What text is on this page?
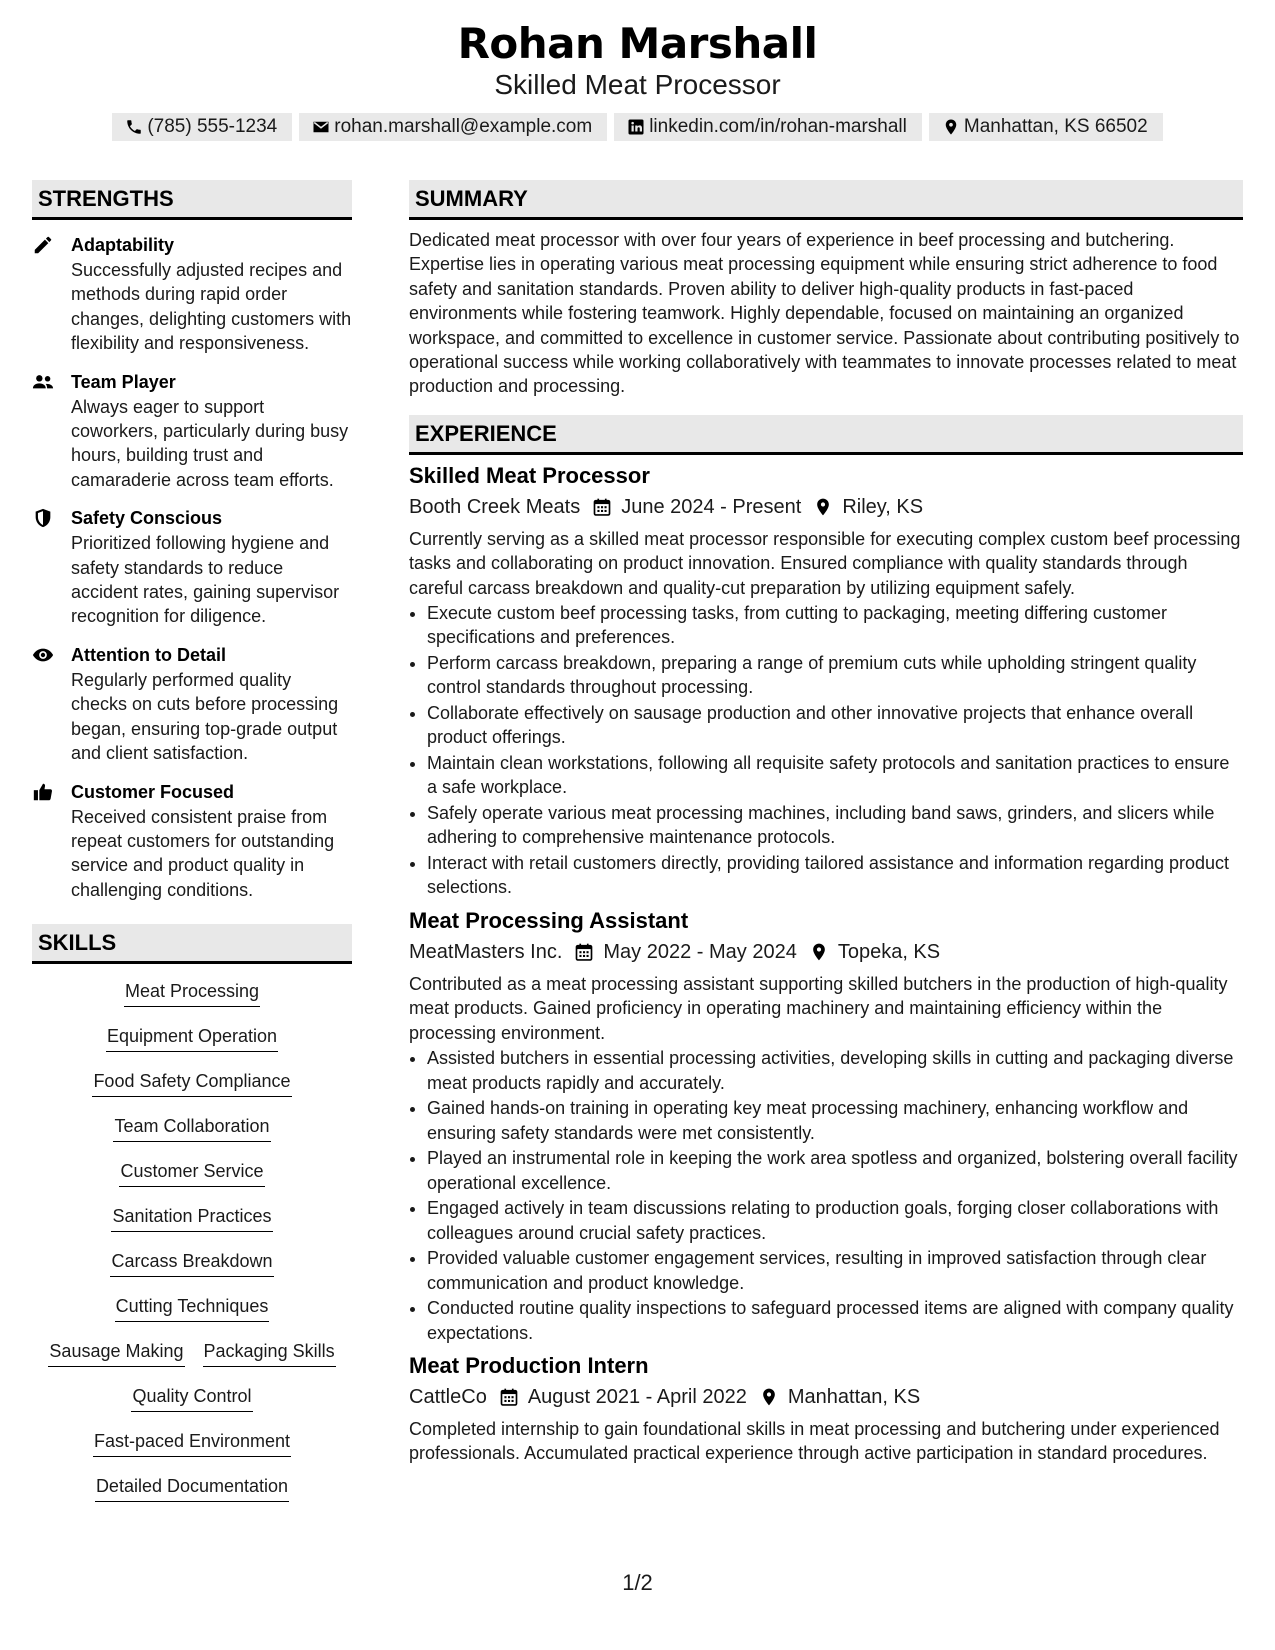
Rohan Marshall
Skilled Meat Processor
(785) 555-1234	rohan.marshall@example.com	linkedin.com/in/rohan-marshall	Manhattan, KS 66502
STRENGTHS
Adaptability
Successfully adjusted recipes and methods during rapid order changes, delighting customers with flexibility and responsiveness.
Team Player
Always eager to support coworkers, particularly during busy hours, building trust and camaraderie across team efforts.
Safety Conscious
Prioritized following hygiene and safety standards to reduce accident rates, gaining supervisor recognition for diligence.
Attention to Detail
Regularly performed quality checks on cuts before processing began, ensuring top-grade output and client satisfaction.
Customer Focused
Received consistent praise from repeat customers for outstanding service and product quality in challenging conditions.
SKILLS
Meat Processing
Equipment Operation
Food Safety Compliance
Team Collaboration
Customer Service
Sanitation Practices
Carcass Breakdown
Cutting Techniques
Sausage Making Packaging Skills
Quality Control
Fast-paced Environment
Detailed Documentation
SUMMARY
Dedicated meat processor with over four years of experience in beef processing and butchering. Expertise lies in operating various meat processing equipment while ensuring strict adherence to food safety and sanitation standards. Proven ability to deliver high-quality products in fast-paced environments while fostering teamwork. Highly dependable, focused on maintaining an organized workspace, and committed to excellence in customer service. Passionate about contributing positively to operational success while working collaboratively with teammates to innovate processes related to meat production and processing.
EXPERIENCE
Skilled Meat Processor
Booth Creek Meats June 2024 - Present Riley, KS
Currently serving as a skilled meat processor responsible for executing complex custom beef processing tasks and collaborating on product innovation. Ensured compliance with quality standards through careful carcass breakdown and quality-cut preparation by utilizing equipment safely.
• Execute custom beef processing tasks, from cutting to packaging, meeting differing customer specifications and preferences.
• Perform carcass breakdown, preparing a range of premium cuts while upholding stringent quality control standards throughout processing.
• Collaborate effectively on sausage production and other innovative projects that enhance overall product offerings.
• Maintain clean workstations, following all requisite safety protocols and sanitation practices to ensure a safe workplace.
• Safely operate various meat processing machines, including band saws, grinders, and slicers while adhering to comprehensive maintenance protocols.
• Interact with retail customers directly, providing tailored assistance and information regarding product selections.
Meat Processing Assistant
MeatMasters Inc. May 2022 - May 2024 Topeka, KS
Contributed as a meat processing assistant supporting skilled butchers in the production of high-quality meat products. Gained proficiency in operating machinery and maintaining efficiency within the processing environment.
• Assisted butchers in essential processing activities, developing skills in cutting and packaging diverse meat products rapidly and accurately.
• Gained hands-on training in operating key meat processing machinery, enhancing workflow and ensuring safety standards were met consistently.
• Played an instrumental role in keeping the work area spotless and organized, bolstering overall facility operational excellence.
• Engaged actively in team discussions relating to production goals, forging closer collaborations with colleagues around crucial safety practices.
• Provided valuable customer engagement services, resulting in improved satisfaction through clear communication and product knowledge.
• Conducted routine quality inspections to safeguard processed items are aligned with company quality expectations.
Meat Production Intern
CattleCo August 2021 - April 2022 Manhattan, KS
Completed internship to gain foundational skills in meat processing and butchering under experienced professionals. Accumulated practical experience through active participation in standard procedures.
1/2
